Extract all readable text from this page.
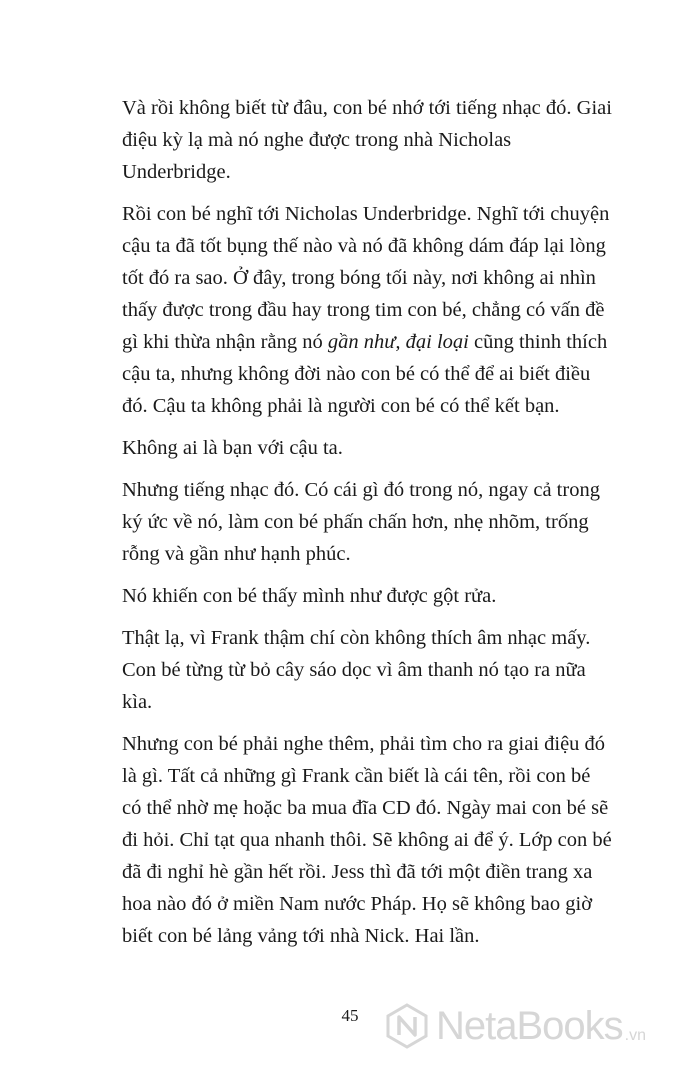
Và rồi không biết từ đâu, con bé nhớ tới tiếng nhạc đó. Giai điệu kỳ lạ mà nó nghe được trong nhà Nicholas Underbridge.

Rồi con bé nghĩ tới Nicholas Underbridge. Nghĩ tới chuyện cậu ta đã tốt bụng thế nào và nó đã không dám đáp lại lòng tốt đó ra sao. Ở đây, trong bóng tối này, nơi không ai nhìn thấy được trong đầu hay trong tim con bé, chẳng có vấn đề gì khi thừa nhận rằng nó gần như, đại loại cũng thinh thích cậu ta, nhưng không đời nào con bé có thể để ai biết điều đó. Cậu ta không phải là người con bé có thể kết bạn.

Không ai là bạn với cậu ta.

Nhưng tiếng nhạc đó. Có cái gì đó trong nó, ngay cả trong ký ức về nó, làm con bé phấn chấn hơn, nhẹ nhõm, trống rỗng và gần như hạnh phúc.

Nó khiến con bé thấy mình như được gột rửa.

Thật lạ, vì Frank thậm chí còn không thích âm nhạc mấy. Con bé từng từ bỏ cây sáo dọc vì âm thanh nó tạo ra nữa kìa.

Nhưng con bé phải nghe thêm, phải tìm cho ra giai điệu đó là gì. Tất cả những gì Frank cần biết là cái tên, rồi con bé có thể nhờ mẹ hoặc ba mua đĩa CD đó. Ngày mai con bé sẽ đi hỏi. Chỉ tạt qua nhanh thôi. Sẽ không ai để ý. Lớp con bé đã đi nghỉ hè gần hết rồi. Jess thì đã tới một điền trang xa hoa nào đó ở miền Nam nước Pháp. Họ sẽ không bao giờ biết con bé lảng vảng tới nhà Nick. Hai lần.

45	NetaBooks .vn
